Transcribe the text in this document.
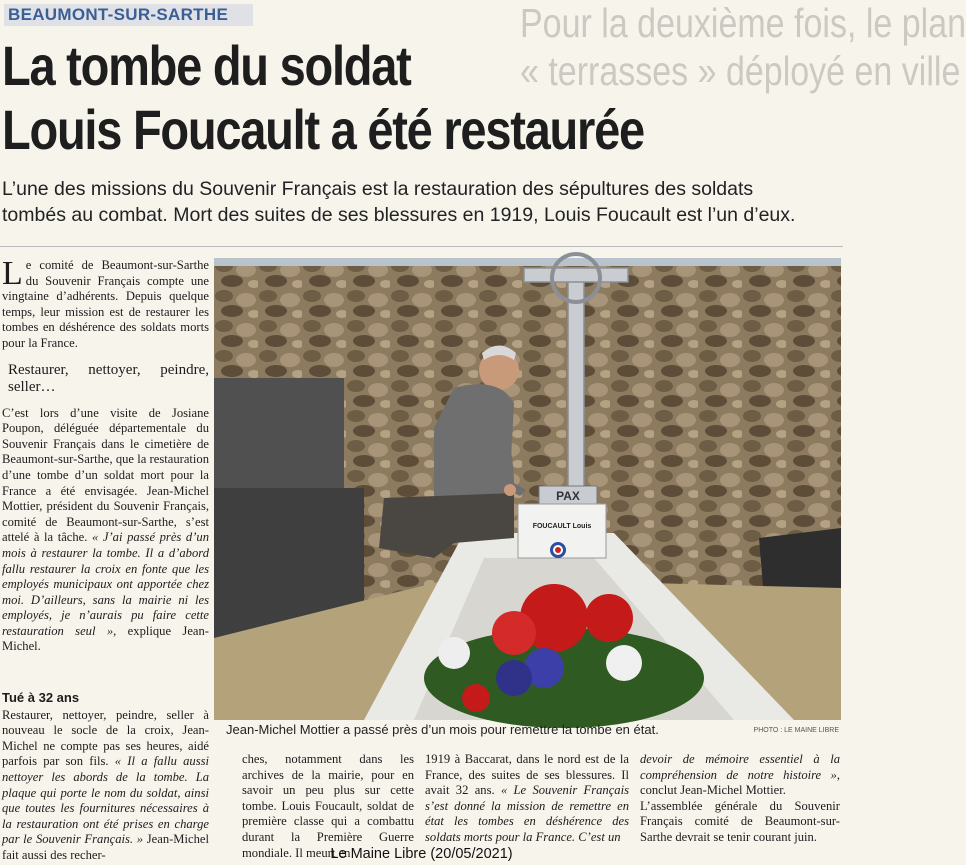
BEAUMONT-SUR-SARTHE	Pour la deuxième fois, le plan
« terrasses » déployé en ville
La tombe du soldat
Louis Foucault a été restaurée
L’une des missions du Souvenir Français est la restauration des sépultures des soldats
tombés au combat. Mort des suites de ses blessures en 1919, Louis Foucault est l’un d’eux.

Le comité de Beaumont-sur-Sarthe du Souvenir Français compte une vingtaine d’adhérents. Depuis quelque temps, leur mission est de restaurer les tombes en déshérence des soldats morts pour la France.

Restaurer, nettoyer, peindre, seller…

C’est lors d’une visite de Josiane Poupon, déléguée départementale du Souvenir Français dans le cimetière de Beaumont-sur-Sarthe, que la restauration d’une tombe d’un soldat mort pour la France a été envisagée. Jean-Michel Mottier, président du Souvenir Français, comité de Beaumont-sur-Sarthe, s’est attelé à la tâche. « J’ai passé près d’un mois à restaurer la tombe. Il a d’abord fallu restaurer la croix en fonte que les employés municipaux ont apportée chez moi. D’ailleurs, sans la mairie ni les employés, je n’aurais pu faire cette restauration seul », explique Jean-Michel.

Tué à 32 ans

Restaurer, nettoyer, peindre, seller à nouveau le socle de la croix, Jean-Michel ne compte pas ses heures, aidé parfois par son fils. « Il a fallu aussi nettoyer les abords de la tombe. La plaque qui porte le nom du soldat, ainsi que toutes les fournitures nécessaires à la restauration ont été prises en charge par le Souvenir Français. » Jean-Michel fait aussi des recher-

PAX
FOUCAULT Louis
Jean-Michel Mottier a passé près d’un mois pour remettre la tombe en état.	PHOTO : LE MAINE LIBRE

ches, notamment dans les archives de la mairie, pour en savoir un peu plus sur cette tombe. Louis Foucault, soldat de première classe qui a combattu durant la Première Guerre mondiale. Il meurt en

1919 à Baccarat, dans le nord est de la France, des suites de ses blessures. Il avait 32 ans. « Le Souvenir Français s’est donné la mission de remettre en état les tombes en déshérence des soldats morts pour la France. C’est un

devoir de mémoire essentiel à la compréhension de notre histoire », conclut Jean-Michel Mottier.

L’assemblée générale du Souvenir Français comité de Beaumont-sur-Sarthe devrait se tenir courant juin.

Le Maine Libre (20/05/2021)
